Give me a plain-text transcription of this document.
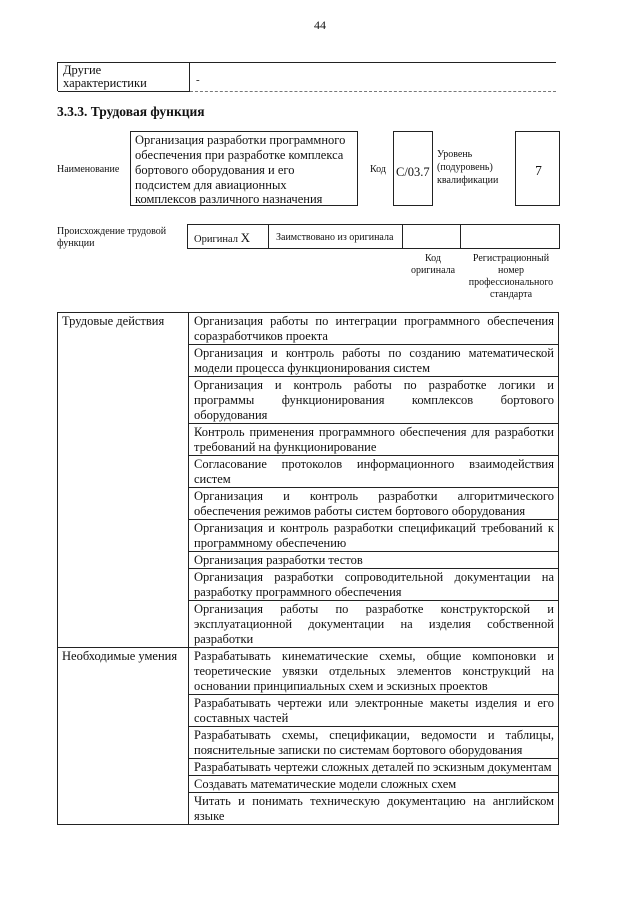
44
Другие
характеристики	-
3.3.3. Трудовая функция
Наименование
Организация разработки программного
обеспечения при разработке комплекса
бортового оборудования и его
подсистем для авиационных
комплексов различного назначения
Код C/03.7
Уровень
(подуровень)
квалификации
7
Происхождение трудовой
функции	Оригинал X	Заимствовано из оригинала
Код
оригинала
Регистрационный
номер
профессионального
стандарта
Трудовые действия	Организация работы по интеграции программного обеспечения соразработчиков проекта
Организация и контроль работы по созданию математической модели процесса функционирования систем
Организация и контроль работы по разработке логики и программы функционирования комплексов бортового оборудования
Контроль применения программного обеспечения для разработки требований на функционирование
Согласование протоколов информационного взаимодействия систем
Организация и контроль разработки алгоритмического обеспечения режимов работы систем бортового оборудования
Организация и контроль разработки спецификаций требований к программному обеспечению
Организация разработки тестов
Организация разработки сопроводительной документации на разработку программного обеспечения
Организация работы по разработке конструкторской и эксплуатационной документации на изделия собственной разработки
Необходимые умения	Разрабатывать кинематические схемы, общие компоновки и теоретические увязки отдельных элементов конструкций на основании принципиальных схем и эскизных проектов
Разрабатывать чертежи или электронные макеты изделия и его составных частей
Разрабатывать схемы, спецификации, ведомости и таблицы, пояснительные записки по системам бортового оборудования
Разрабатывать чертежи сложных деталей по эскизным документам
Создавать математические модели сложных схем
Читать и понимать техническую документацию на английском языке
